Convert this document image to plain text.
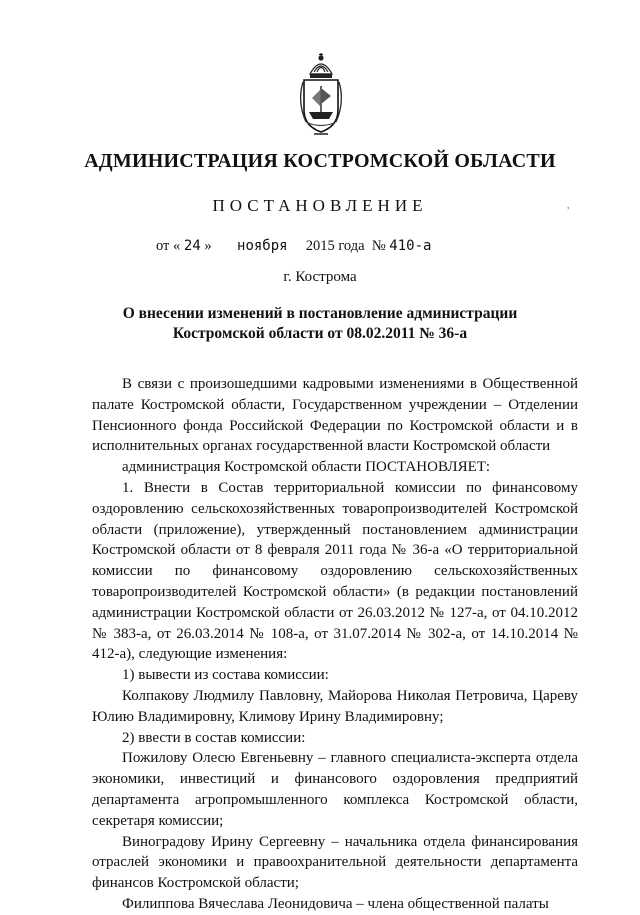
АДМИНИСТРАЦИЯ КОСТРОМСКОЙ ОБЛАСТИ
ПОСТАНОВЛЕНИЕ	,
от « 24 » ноября 2015 года № 410-а
г. Кострома
О внесении изменений в постановление администрации
Костромской области от 08.02.2011 № 36-а
В связи с произошедшими кадровыми изменениями в Общественной палате Костромской области, Государственном учреждении – Отделении Пенсионного фонда Российской Федерации по Костромской области и в исполнительных органах государственной власти Костромской области
администрация Костромской области ПОСТАНОВЛЯЕТ:
1. Внести в Состав территориальной комиссии по финансовому оздоровлению сельскохозяйственных товаропроизводителей Костромской области (приложение), утвержденный постановлением администрации Костромской области от 8 февраля 2011 года № 36-а «О территориальной комиссии по финансовому оздоровлению сельскохозяйственных товаропроизводителей Костромской области» (в редакции постановлений администрации Костромской области от 26.03.2012 № 127-а, от 04.10.2012 № 383-а, от 26.03.2014 № 108-а, от 31.07.2014 № 302-а, от 14.10.2014 № 412-а), следующие изменения:
1) вывести из состава комиссии:
Колпакову Людмилу Павловну, Майорова Николая Петровича, Цареву Юлию Владимировну, Климову Ирину Владимировну;
2) ввести в состав комиссии:
Пожилову Олесю Евгеньевну – главного специалиста-эксперта отдела экономики, инвестиций и финансового оздоровления предприятий департамента агропромышленного комплекса Костромской области, секретаря комиссии;
Виноградову Ирину Сергеевну – начальника отдела финансирования отраслей экономики и правоохранительной деятельности департамента финансов Костромской области;
Филиппова Вячеслава Леонидовича – члена общественной палаты
